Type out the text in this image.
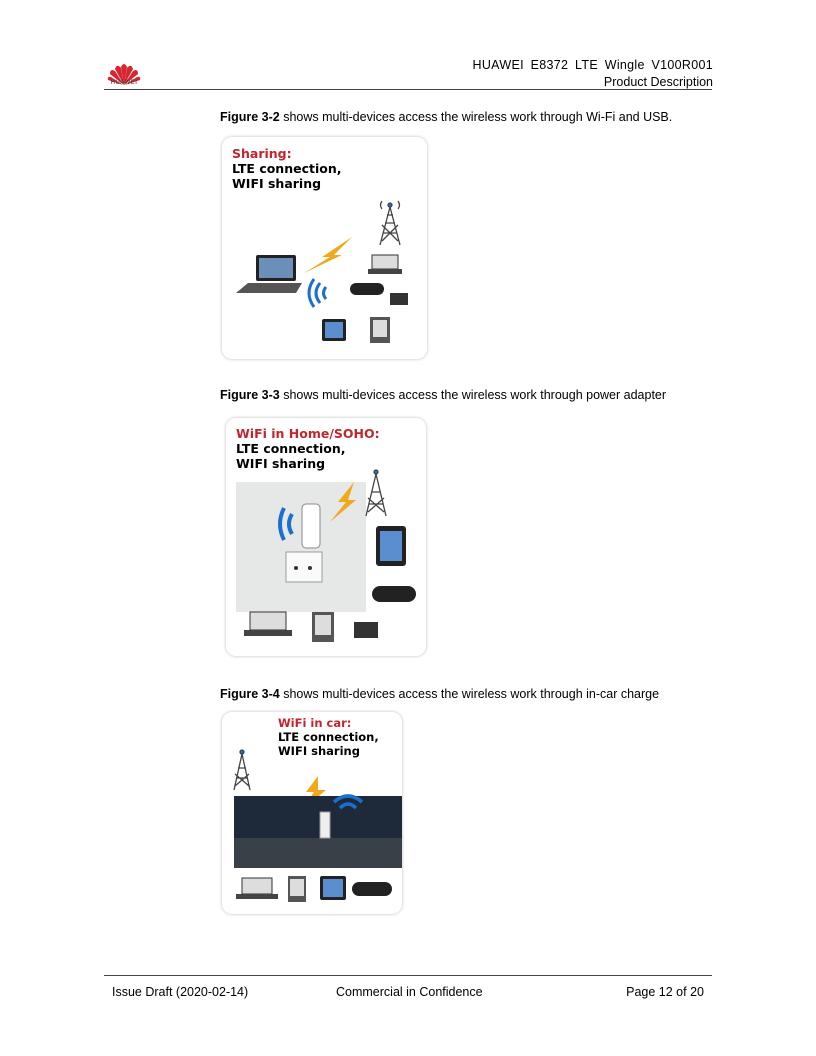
HUAWEI
HUAWEI E8372 LTE Wingle V100R001
Product Description
Figure 3-2 shows multi-devices access the wireless work through Wi-Fi and USB.
Sharing:
LTE connection,
WIFI sharing
Figure 3-3 shows multi-devices access the wireless work through power adapter
WiFi in Home/SOHO:
LTE connection,
WIFI sharing
Figure 3-4 shows multi-devices access the wireless work through in-car charge
WiFi in car:
LTE connection,
WIFI sharing
Issue Draft (2020-02-14)	Commercial in Confidence	Page 12 of 20
